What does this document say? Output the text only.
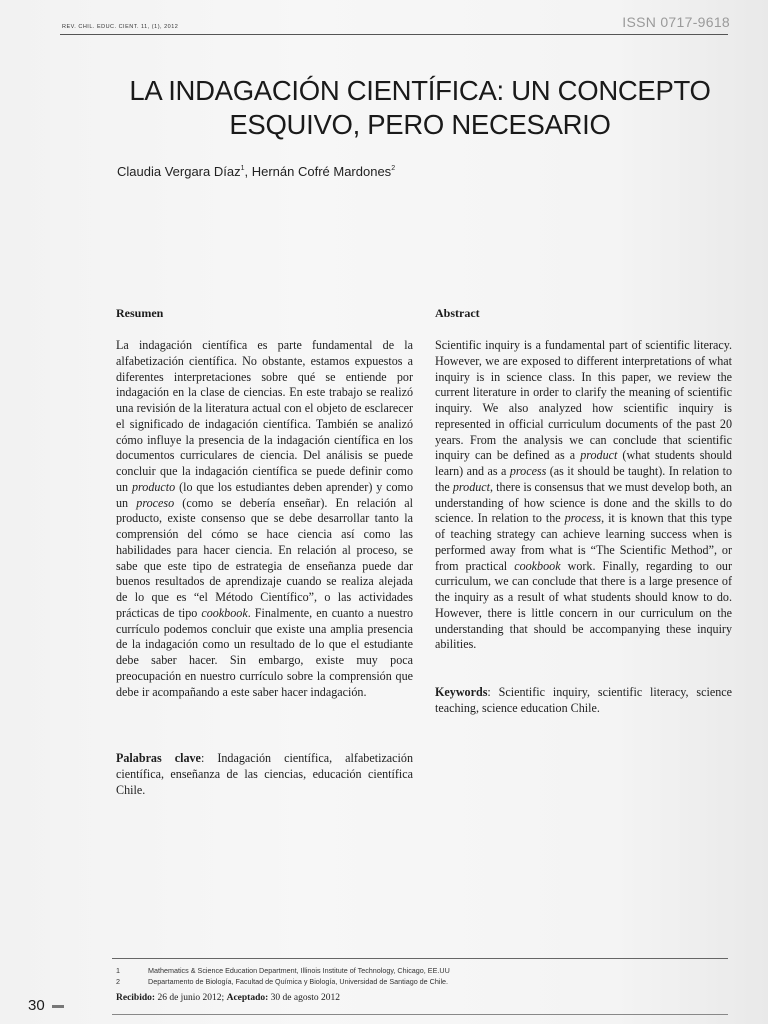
REV. CHIL. EDUC. CIENT. 11, (1), 2012	ISSN 0717-9618
LA INDAGACIÓN CIENTÍFICA: UN CONCEPTO
ESQUIVO, PERO NECESARIO
Claudia Vergara Díaz$^1$, Hernán Cofré Mardones$^2$
Resumen	Abstract

La indagación científica es parte fundamental de la alfabetización científica. No obstante, estamos expuestos a diferentes interpretaciones sobre qué se entiende por indagación en la clase de ciencias. En este trabajo se realizó una revisión de la literatura actual con el objeto de esclarecer el significado de indagación científica. También se analizó cómo influye la presencia de la indagación científica en los documentos curriculares de ciencia. Del análisis se puede concluir que la indagación científica se puede definir como un producto (lo que los estudiantes deben aprender) y como un proceso (como se debería enseñar). En relación al producto, existe consenso que se debe desarrollar tanto la comprensión del cómo se hace ciencia así como las habilidades para hacer ciencia. En relación al proceso, se sabe que este tipo de estrategia de enseñanza puede dar buenos resultados de aprendizaje cuando se realiza alejada de lo que es “el Método Científico”, o las actividades prácticas de tipo cookbook. Finalmente, en cuanto a nuestro currículo podemos concluir que existe una amplia presencia de la indagación como un resultado de lo que el estudiante debe saber hacer. Sin embargo, existe muy poca preocupación en nuestro currículo sobre la comprensión que debe ir acompañando a este saber hacer indagación.

Palabras clave: Indagación científica, alfabetización científica, enseñanza de las ciencias, educación científica Chile.

Scientific inquiry is a fundamental part of scientific literacy. However, we are exposed to different interpretations of what inquiry is in science class. In this paper, we review the current literature in order to clarify the meaning of scientific inquiry. We also analyzed how scientific inquiry is represented in official curriculum documents of the past 20 years. From the analysis we can conclude that scientific inquiry can be defined as a product (what students should learn) and as a process (as it should be taught). In relation to the product, there is consensus that we must develop both, an understanding of how science is done and the skills to do science. In relation to the process, it is known that this type of teaching strategy can achieve learning success when is performed away from what is “The Scientific Method”, or from practical cookbook work. Finally, regarding to our curriculum, we can conclude that there is a large presence of the inquiry as a result of what students should know to do. However, there is little concern in our curriculum on the understanding that should be accompanying these inquiry abilities.

Keywords: Scientific inquiry, scientific literacy, science teaching, science education Chile.

1	Mathematics & Science Education Department, Illinois Institute of Technology, Chicago, EE.UU
2	Departamento de Biología, Facultad de Química y Biología, Universidad de Santiago de Chile.
Recibido: 26 de junio 2012; Aceptado: 30 de agosto 2012
30
